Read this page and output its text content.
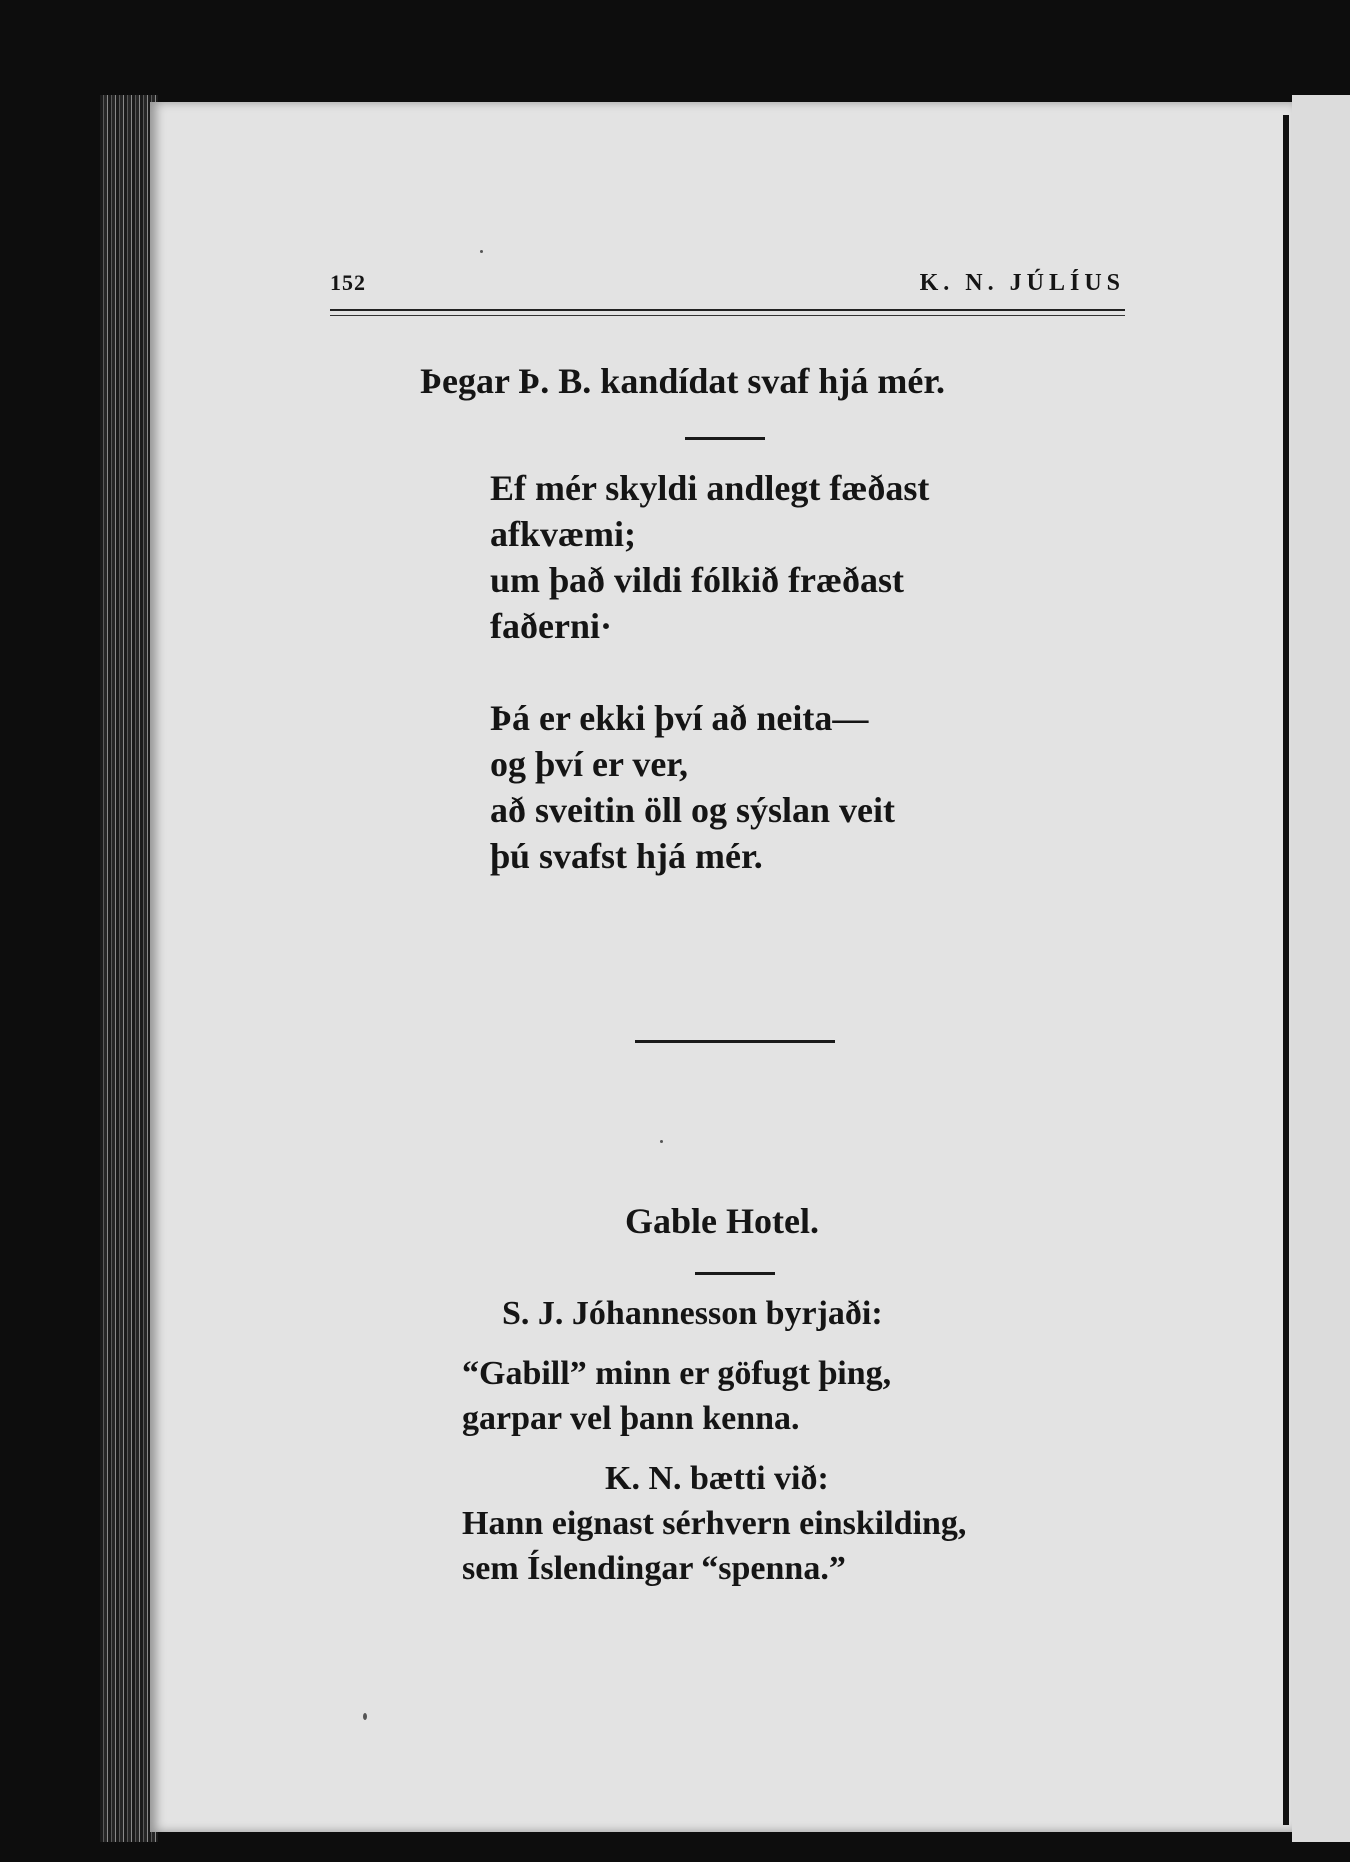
152	K. N. JÚLÍUS
Þegar Þ. B. kandídat svaf hjá mér.
Ef mér skyldi andlegt fæðast
afkvæmi;
um það vildi fólkið fræðast
faðerni·
Þá er ekki því að neita—
og því er ver,
að sveitin öll og sýslan veit
þú svafst hjá mér.
Gable Hotel.
S. J. Jóhannesson byrjaði:
“Gabill” minn er göfugt þing,
garpar vel þann kenna.
K. N. bætti við:
Hann eignast sérhvern einskilding,
sem Íslendingar “spenna.”
